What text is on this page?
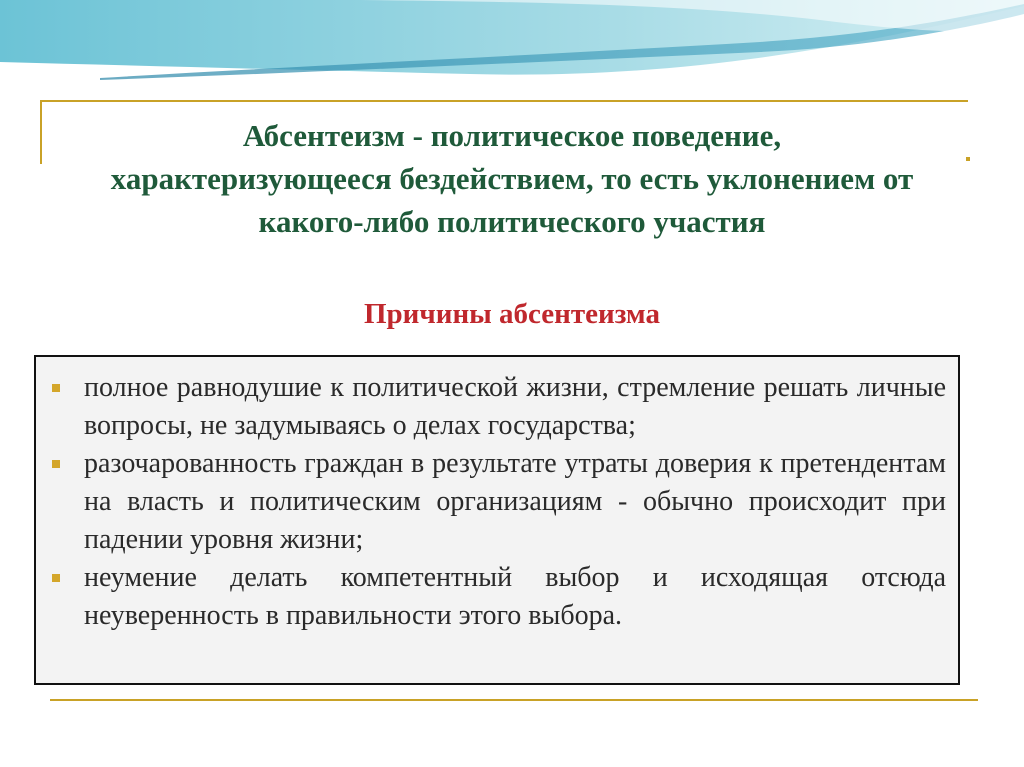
Абсентеизм - политическое поведение, характеризующееся бездействием, то есть уклонением от какого-либо политического участия
Причины абсентеизма
полное равнодушие к политической жизни, стремление решать личные вопросы, не задумываясь о делах государства;
разочарованность граждан в результате утраты доверия к претендентам на власть и политическим организациям - обычно происходит при падении уровня жизни;
неумение делать компетентный выбор и исходящая отсюда неуверенность в правильности этого выбора.
